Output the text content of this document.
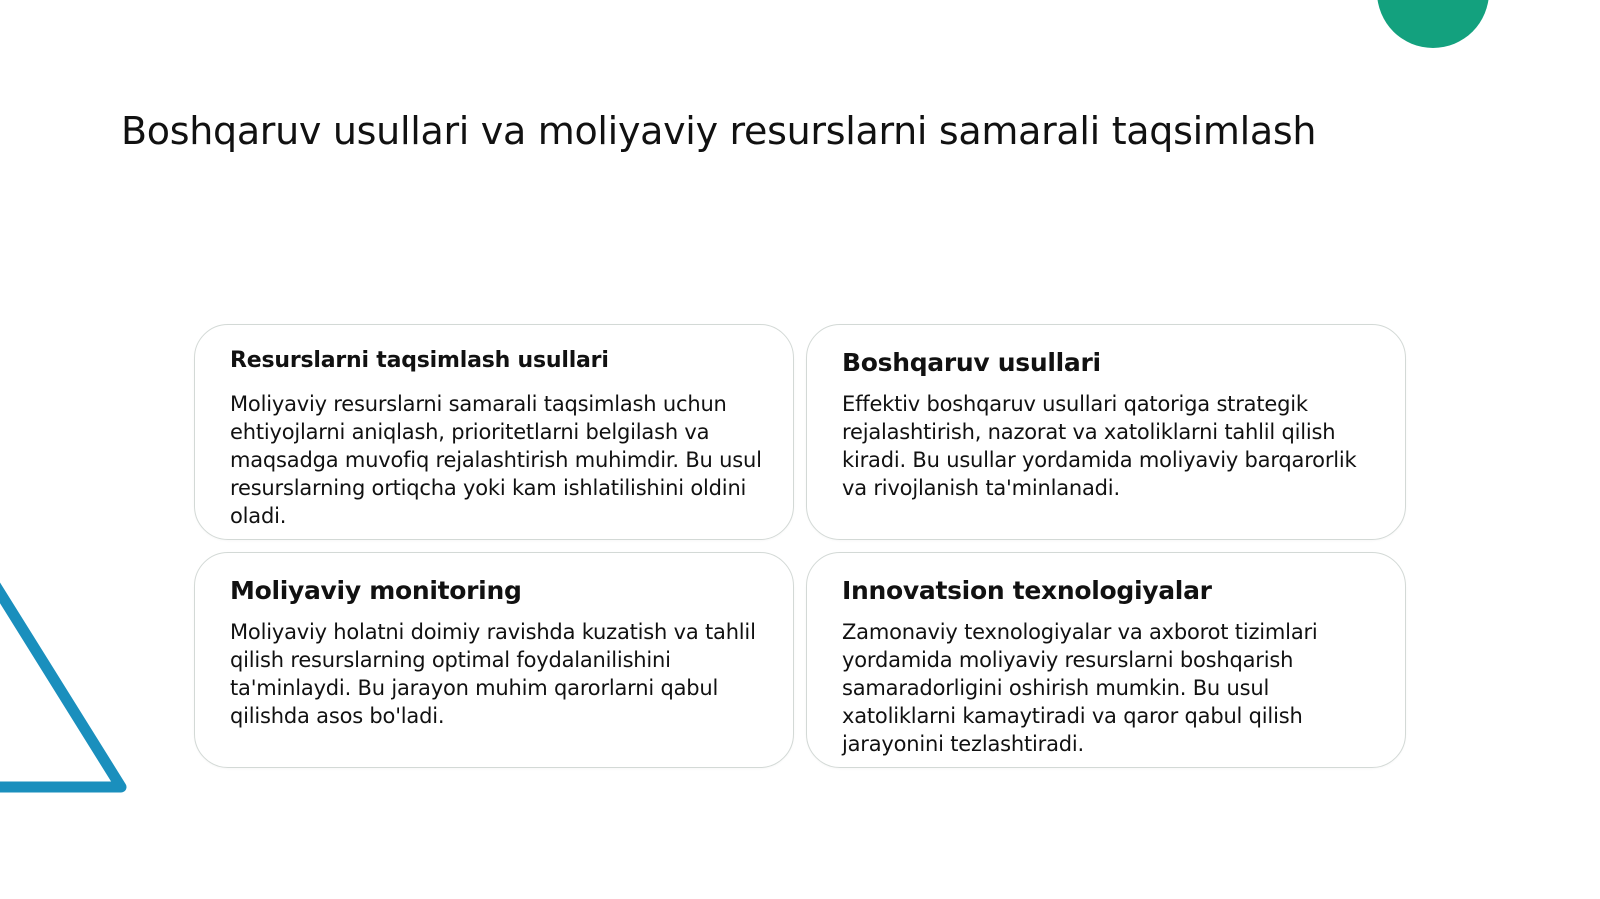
Boshqaruv usullari va moliyaviy resurslarni samarali taqsimlash
Resurslarni taqsimlash usullari

Moliyaviy resurslarni samarali taqsimlash uchun ehtiyojlarni aniqlash, prioritetlarni belgilash va maqsadga muvofiq rejalashtirish muhimdir. Bu usul resurslarning ortiqcha yoki kam ishlatilishini oldini oladi.

Boshqaruv usullari

Effektiv boshqaruv usullari qatoriga strategik rejalashtirish, nazorat va xatoliklarni tahlil qilish kiradi. Bu usullar yordamida moliyaviy barqarorlik va rivojlanish ta'minlanadi.

Moliyaviy monitoring

Moliyaviy holatni doimiy ravishda kuzatish va tahlil qilish resurslarning optimal foydalanilishini ta'minlaydi. Bu jarayon muhim qarorlarni qabul qilishda asos bo'ladi.

Innovatsion texnologiyalar

Zamonaviy texnologiyalar va axborot tizimlari yordamida moliyaviy resurslarni boshqarish samaradorligini oshirish mumkin. Bu usul xatoliklarni kamaytiradi va qaror qabul qilish jarayonini tezlashtiradi.
